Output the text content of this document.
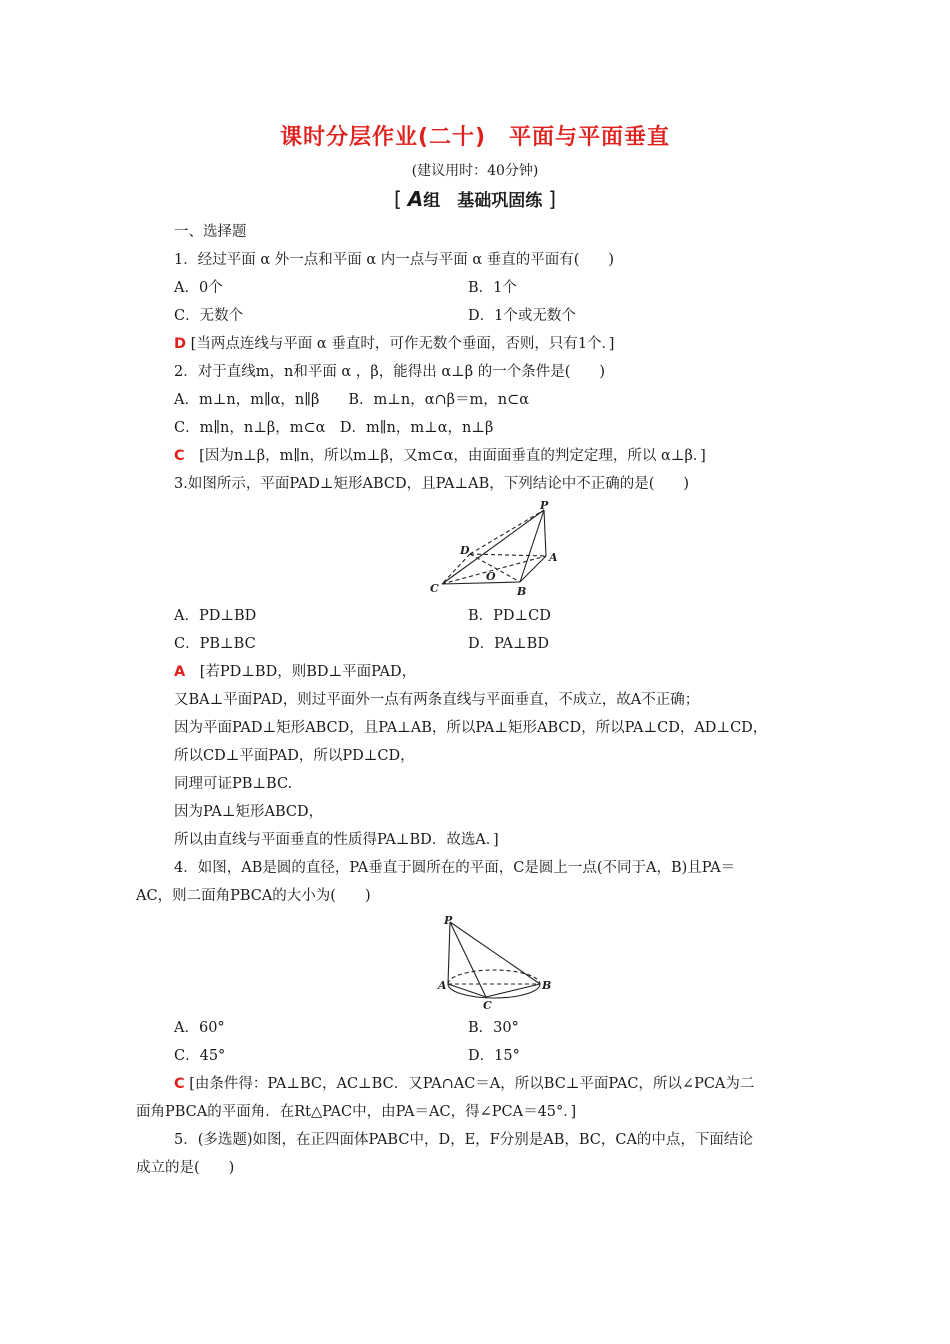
课时分层作业(二十)　平面与平面垂直
(建议用时：40分钟)
[ A组　基础巩固练 ]
一、选择题
1．经过平面 α 外一点和平面 α 内一点与平面 α 垂直的平面有(　　)
A．0个	B．1个
C．无数个	D．1个或无数个
D [当两点连线与平面 α 垂直时，可作无数个垂面，否则，只有1个．]
2．对于直线m，n和平面 α ，β，能得出 α⊥β 的一个条件是(　　)
A．m⊥n，m∥α，n∥β　　B．m⊥n，α∩β＝m，n⊂α
C．m∥n，n⊥β，m⊂α　D．m∥n，m⊥α，n⊥β
C　[因为n⊥β，m∥n，所以m⊥β，又m⊂α，由面面垂直的判定定理，所以 α⊥β．]
3.如图所示，平面PAD⊥矩形ABCD，且PA⊥AB，下列结论中不正确的是(　　)
P
D
A
O
C	B
A．PD⊥BD	B．PD⊥CD
C．PB⊥BC	D．PA⊥BD
A　[若PD⊥BD，则BD⊥平面PAD，
又BA⊥平面PAD，则过平面外一点有两条直线与平面垂直，不成立，故A不正确；
因为平面PAD⊥矩形ABCD，且PA⊥AB，所以PA⊥矩形ABCD，所以PA⊥CD，AD⊥CD，
所以CD⊥平面PAD，所以PD⊥CD，
同理可证PB⊥BC.
因为PA⊥矩形ABCD，
所以由直线与平面垂直的性质得PA⊥BD．故选A．]
4．如图，AB是圆的直径，PA垂直于圆所在的平面，C是圆上一点(不同于A，B)且PA＝
AC，则二面角PBCA的大小为(　　)
P
A	B
C
A．60°	B．30°
C．45°	D．15°
C [由条件得：PA⊥BC，AC⊥BC．又PA∩AC＝A，所以BC⊥平面PAC，所以∠PCA为二
面角PBCA的平面角．在Rt△PAC中，由PA＝AC，得∠PCA＝45°．]
5．(多选题)如图，在正四面体PABC中，D，E，F分别是AB，BC，CA的中点，下面结论
成立的是(　　)
